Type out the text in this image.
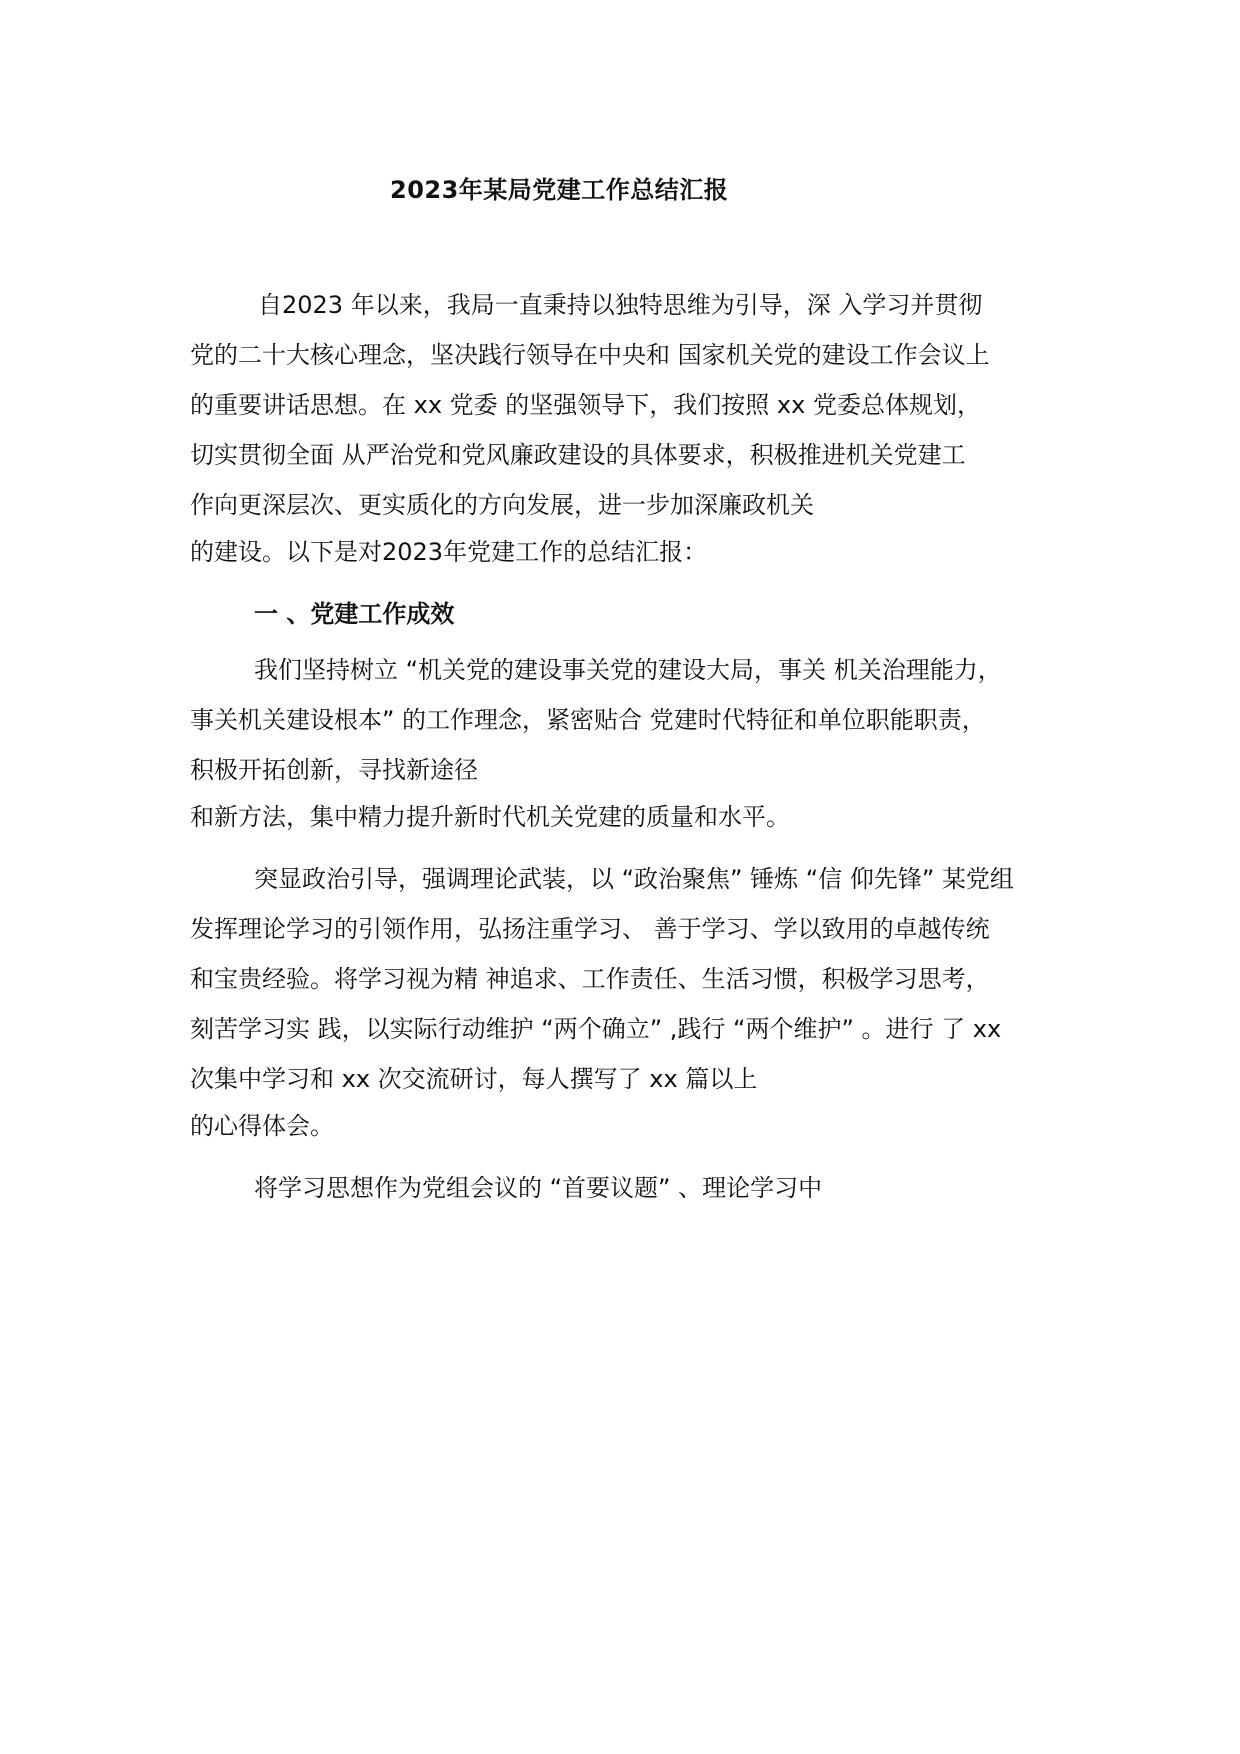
2023年某局党建工作总结汇报
自2023 年以来，我局一直秉持以独特思维为引导，深 入学习并贯彻
党的二十大核心理念，坚决践行领导在中央和 国家机关党的建设工作会议上
的重要讲话思想。在 xx 党委 的坚强领导下，我们按照 xx 党委总体规划，
切实贯彻全面 从严治党和党风廉政建设的具体要求，积极推进机关党建工
作向更深层次、更实质化的方向发展，进一步加深廉政机关
的建设。以下是对2023年党建工作的总结汇报：
一 、党建工作成效
我们坚持树立 “机关党的建设事关党的建设大局，事关 机关治理能力，
事关机关建设根本” 的工作理念，紧密贴合 党建时代特征和单位职能职责，
积极开拓创新，寻找新途径
和新方法，集中精力提升新时代机关党建的质量和水平。
突显政治引导，强调理论武装，以 “政治聚焦” 锤炼 “信 仰先锋” 某党组
发挥理论学习的引领作用，弘扬注重学习、 善于学习、学以致用的卓越传统
和宝贵经验。将学习视为精 神追求、工作责任、生活习惯，积极学习思考，
刻苦学习实 践，以实际行动维护 “两个确立” ,践行 “两个维护” 。进行 了 xx
次集中学习和 xx 次交流研讨，每人撰写了 xx 篇以上
的心得体会。
将学习思想作为党组会议的 “首要议题” 、理论学习中
